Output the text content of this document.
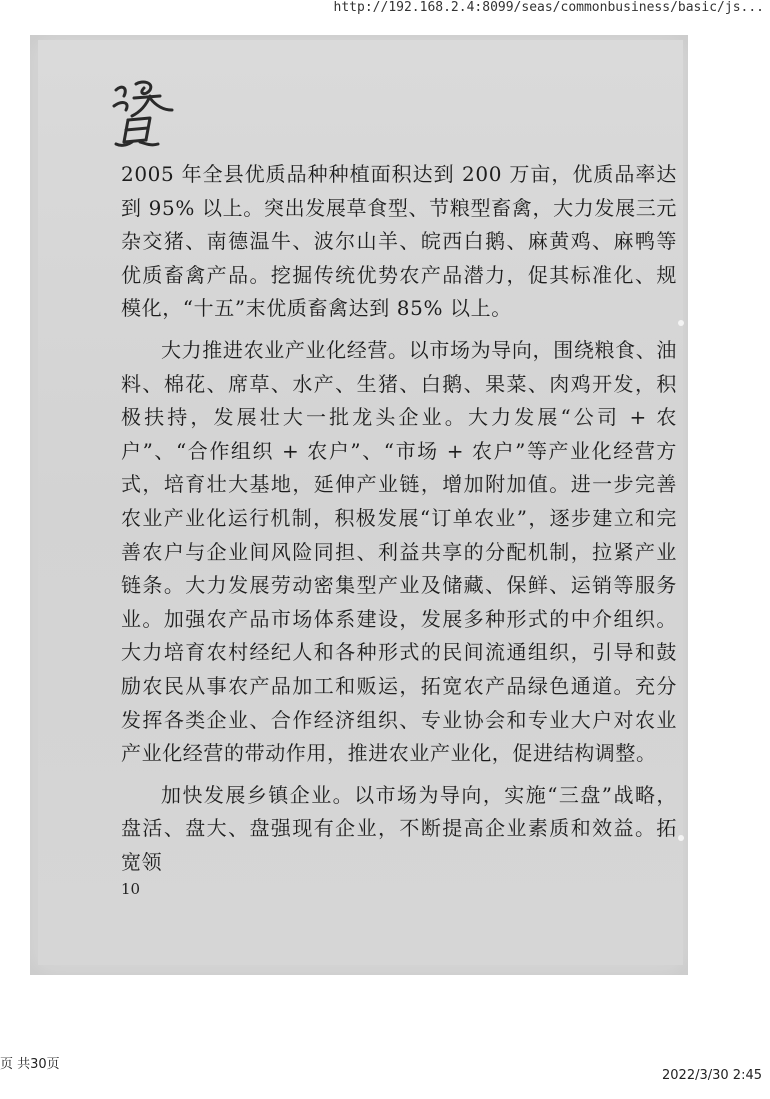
http://192.168.2.4:8099/seas/commonbusiness/basic/js...

2005 年全县优质品种种植面积达到 200 万亩，优质品率达到 95% 以上。突出发展草食型、节粮型畜禽，大力发展三元杂交猪、南德温牛、波尔山羊、皖西白鹅、麻黄鸡、麻鸭等优质畜禽产品。挖掘传统优势农产品潜力，促其标准化、规模化，“十五”末优质畜禽达到 85% 以上。

大力推进农业产业化经营。以市场为导向，围绕粮食、油料、棉花、席草、水产、生猪、白鹅、果菜、肉鸡开发，积极扶持，发展壮大一批龙头企业。大力发展“公司 + 农户”、“合作组织 + 农户”、“市场 + 农户”等产业化经营方式，培育壮大基地，延伸产业链，增加附加值。进一步完善农业产业化运行机制，积极发展“订单农业”，逐步建立和完善农户与企业间风险同担、利益共享的分配机制，拉紧产业链条。大力发展劳动密集型产业及储藏、保鲜、运销等服务业。加强农产品市场体系建设，发展多种形式的中介组织。大力培育农村经纪人和各种形式的民间流通组织，引导和鼓励农民从事农产品加工和贩运，拓宽农产品绿色通道。充分发挥各类企业、合作经济组织、专业协会和专业大户对农业产业化经营的带动作用，推进农业产业化，促进结构调整。

加快发展乡镇企业。以市场为导向，实施“三盘”战略，盘活、盘大、盘强现有企业，不断提高企业素质和效益。拓宽领

10
页 共30页
2022/3/30 2:45
